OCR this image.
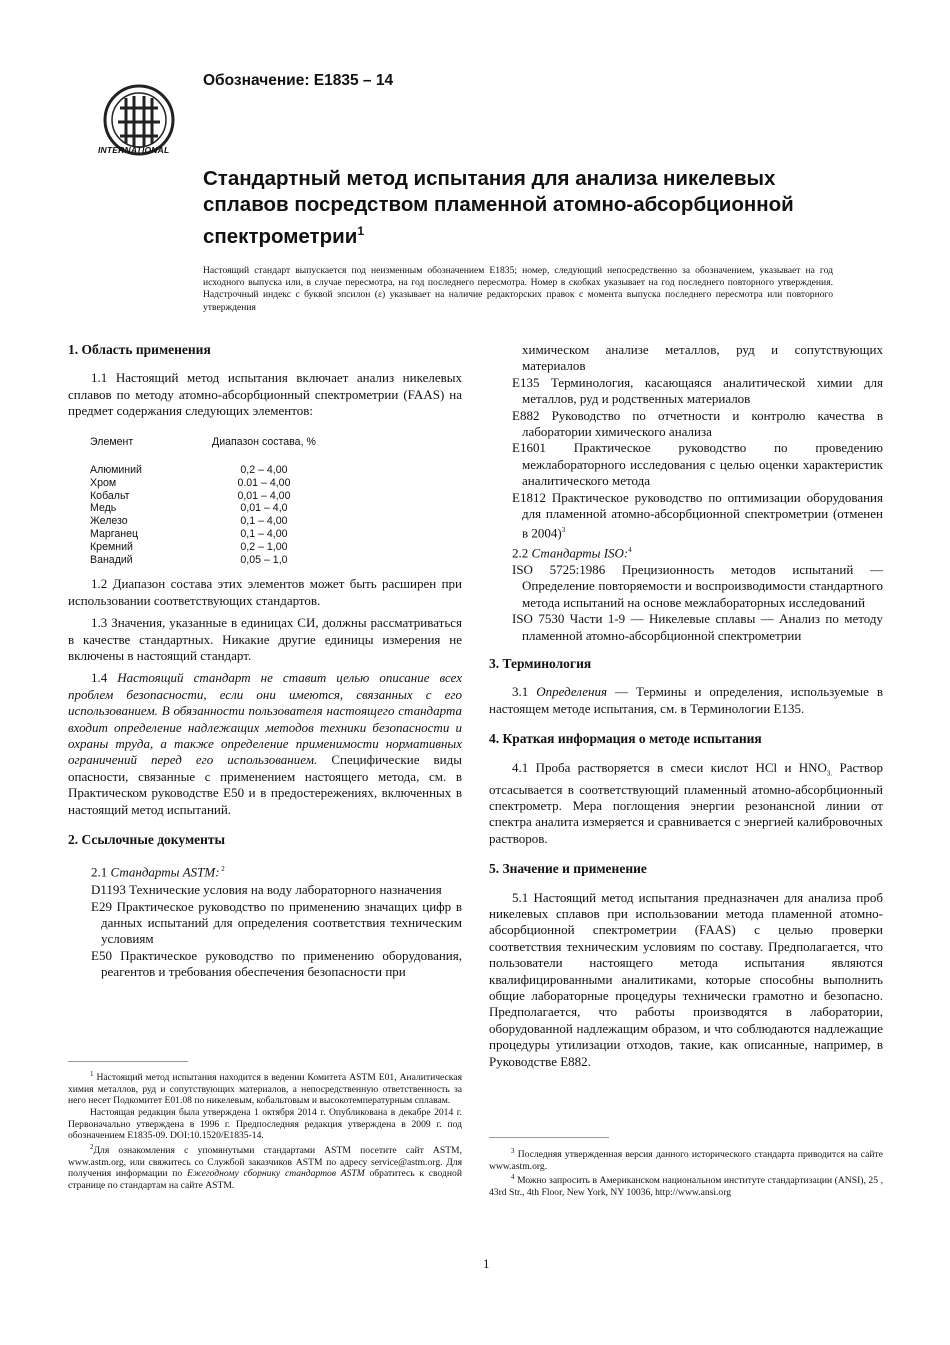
Обозначение: E1835 – 14
INTERNATIONAL
Стандартный метод испытания для анализа никелевых сплавов посредством пламенной атомно-абсорбционной спектрометрии$^1$
Настоящий стандарт выпускается под неизменным обозначением E1835; номер, следующий непосредственно за обозначением, указывает на год исходного выпуска или, в случае пересмотра, на год последнего пересмотра. Номер в скобках указывает на год последнего повторного утверждения. Надстрочный индекс с буквой эпсилон (ε) указывает на наличие редакторских правок с момента выпуска последнего пересмотра или повторного утверждения
1. Область применения

1.1 Настоящий метод испытания включает анализ никелевых сплавов по методу атомно-абсорбционный спектрометрии (FAAS) на предмет содержания следующих элементов:

Элемент	Диапазон состава, %
Алюминий	0,2 – 4,00
Хром	0.01 – 4,00
Кобальт	0,01 – 4,00
Медь	0,01 – 4,0
Железо	0,1 – 4,00
Марганец	0,1 – 4,00
Кремний	0,2 – 1,00
Ванадий	0,05 – 1,0

1.2 Диапазон состава этих элементов может быть расширен при использовании соответствующих стандартов.

1.3 Значения, указанные в единицах СИ, должны рассматриваться в качестве стандартных. Никакие другие единицы измерения не включены в настоящий стандарт.

1.4 Настоящий стандарт не ставит целью описание всех проблем безопасности, если они имеются, связанных с его использованием. В обязанности пользователя настоящего стандарта входит определение надлежащих методов техники безопасности и охраны труда, а также определение применимости нормативных ограничений перед его использованием. Специфические виды опасности, связанные с применением настоящего метода, см. в Практическом руководстве E50 и в предостережениях, включенных в настоящий метод испытаний.

2. Ссылочные документы

2.1 Стандарты ASTM: $^2$

D1193 Технические условия на воду лабораторного назначения

E29 Практическое руководство по применению значащих цифр в данных испытаний для определения соответствия техническим условиям

E50 Практическое руководство по применению оборудования, реагентов и требования обеспечения безопасности при

$^1$ Настоящий метод испытания находится в ведении Комитета ASTM E01, Аналитическая химия металлов, руд и сопутствующих материалов, а непосредственную ответственность за него несет Подкомитет E01.08 по никелевым, кобальтовым и высокотемпературным сплавам.

Настоящая редакция была утверждена 1 октября 2014 г. Опубликована в декабре 2014 г. Первоначально утверждена в 1996 г. Предпоследняя редакция утверждена в 2009 г. под обозначением E1835-09. DOI:10.1520/E1835-14.

$^2$Для ознакомления с упомянутыми стандартами ASTM посетите сайт ASTM, www.astm.org, или свяжитесь со Службой заказчиков ASTM по адресу service@astm.org. Для получения информации по Ежегодному сборнику стандартов ASTM обратитесь к сводной странице по стандартам на сайте ASTM.

химическом анализе металлов, руд и сопутствующих материалов

E135 Терминология, касающаяся аналитической химии для металлов, руд и родственных материалов

E882 Руководство по отчетности и контролю качества в лаборатории химического анализа

E1601 Практическое руководство по проведению межлабораторного исследования с целью оценки характеристик аналитического метода

E1812 Практическое руководство по оптимизации оборудования для пламенной атомно-абсорбционной спектрометрии (отменен в 2004)$^3$

2.2 Стандарты ISO:$^4$

ISO 5725:1986 Прецизионность методов испытаний — Определение повторяемости и воспроизводимости стандартного метода испытаний на основе межлабораторных исследований

ISO 7530 Части 1-9 — Никелевые сплавы — Анализ по методу пламенной атомно-абсорбционной спектрометрии

3. Терминология

3.1 Определения — Термины и определения, используемые в настоящем методе испытания, см. в Терминологии E135.

4. Краткая информация о методе испытания

4.1 Проба растворяется в смеси кислот HCl и $HNO_{3.}$ Раствор отсасывается в соответствующий пламенный атомно-абсорбционный спектрометр. Мера поглощения энергии резонансной линии от спектра аналита измеряется и сравнивается с энергией калибровочных растворов.

5. Значение и применение

5.1 Настоящий метод испытания предназначен для анализа проб никелевых сплавов при использовании метода пламенной атомно-абсорбционной спектрометрии (FAAS) с целью проверки соответствия техническим условиям по составу. Предполагается, что пользователи настоящего метода испытания являются квалифицированными аналитиками, которые способны выполнить общие лабораторные процедуры технически грамотно и безопасно. Предполагается, что работы производятся в лаборатории, оборудованной надлежащим образом, и что соблюдаются надлежащие процедуры утилизации отходов, такие, как описанные, например, в Руководстве E882.

$^3$ Последняя утвержденная версия данного исторического стандарта приводится на сайте www.astm.org.

$^4$ Можно запросить в Американском национальном институте стандартизации (ANSI), 25 , 43rd Str., 4th Floor, New York, NY 10036, http://www.ansi.org

1
